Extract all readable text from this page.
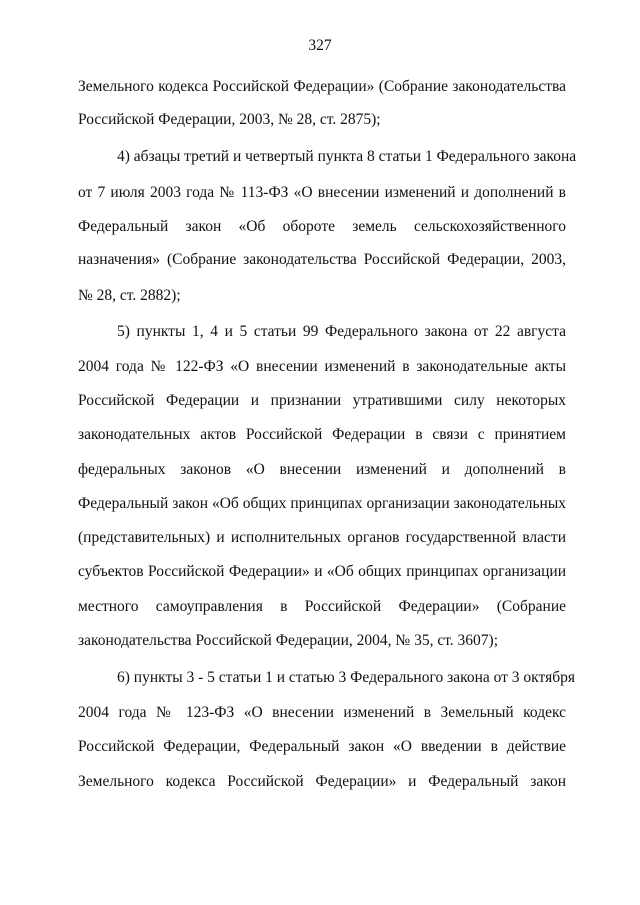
327
Земельного кодекса Российской Федерации» (Собрание законодательства
Российской Федерации, 2003, № 28, ст. 2875);
4) абзацы третий и четвертый пункта 8 статьи 1 Федерального закона
от 7 июля 2003 года № 113-ФЗ «О внесении изменений и дополнений в
Федеральный закон «Об обороте земель сельскохозяйственного
назначения» (Собрание законодательства Российской Федерации, 2003,
№ 28, ст. 2882);
5) пункты 1, 4 и 5 статьи 99 Федерального закона от 22 августа
2004 года № 122-ФЗ «О внесении изменений в законодательные акты
Российской Федерации и признании утратившими силу некоторых
законодательных актов Российской Федерации в связи с принятием
федеральных законов «О внесении изменений и дополнений в
Федеральный закон «Об общих принципах организации законодательных
(представительных) и исполнительных органов государственной власти
субъектов Российской Федерации» и «Об общих принципах организации
местного самоуправления в Российской Федерации» (Собрание
законодательства Российской Федерации, 2004, № 35, ст. 3607);
6) пункты 3 - 5 статьи 1 и статью 3 Федерального закона от 3 октября
2004 года № 123-ФЗ «О внесении изменений в Земельный кодекс
Российской Федерации, Федеральный закон «О введении в действие
Земельного кодекса Российской Федерации» и Федеральный закон
